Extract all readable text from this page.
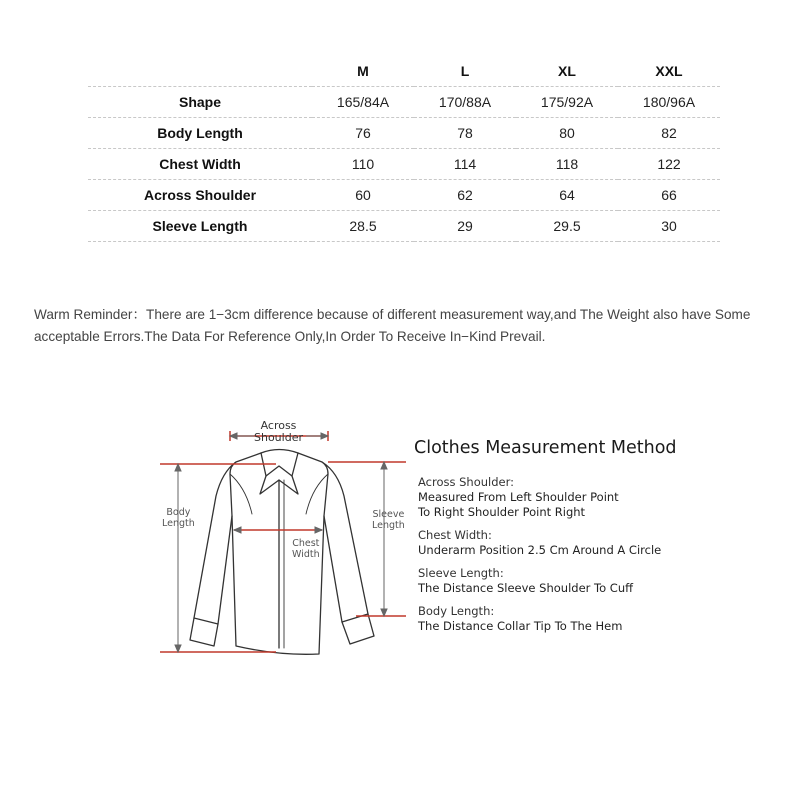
	M	L	XL	XXL
Shape	165/84A	170/88A	175/92A	180/96A
Body Length	76	78	80	82
Chest Width	110	114	118	122
Across Shoulder	60	62	64	66
Sleeve Length	28.5	29	29.5	30

Warm Reminder：There are 1−3cm difference because of different measurement way,and The Weight also have Some
acceptable Errors.The Data For Reference Only,In Order To Receive In−Kind Prevail.

Across
Shoulder
Body
Length
Sleeve
Length
Chest
Width
Clothes Measurement Method
Across Shoulder:
Measured From Left Shoulder Point
To Right Shoulder Point Right
Chest Width:
Underarm Position 2.5 Cm Around A Circle
Sleeve Length:
The Distance Sleeve Shoulder To Cuff
Body Length:
The Distance Collar Tip To The Hem
